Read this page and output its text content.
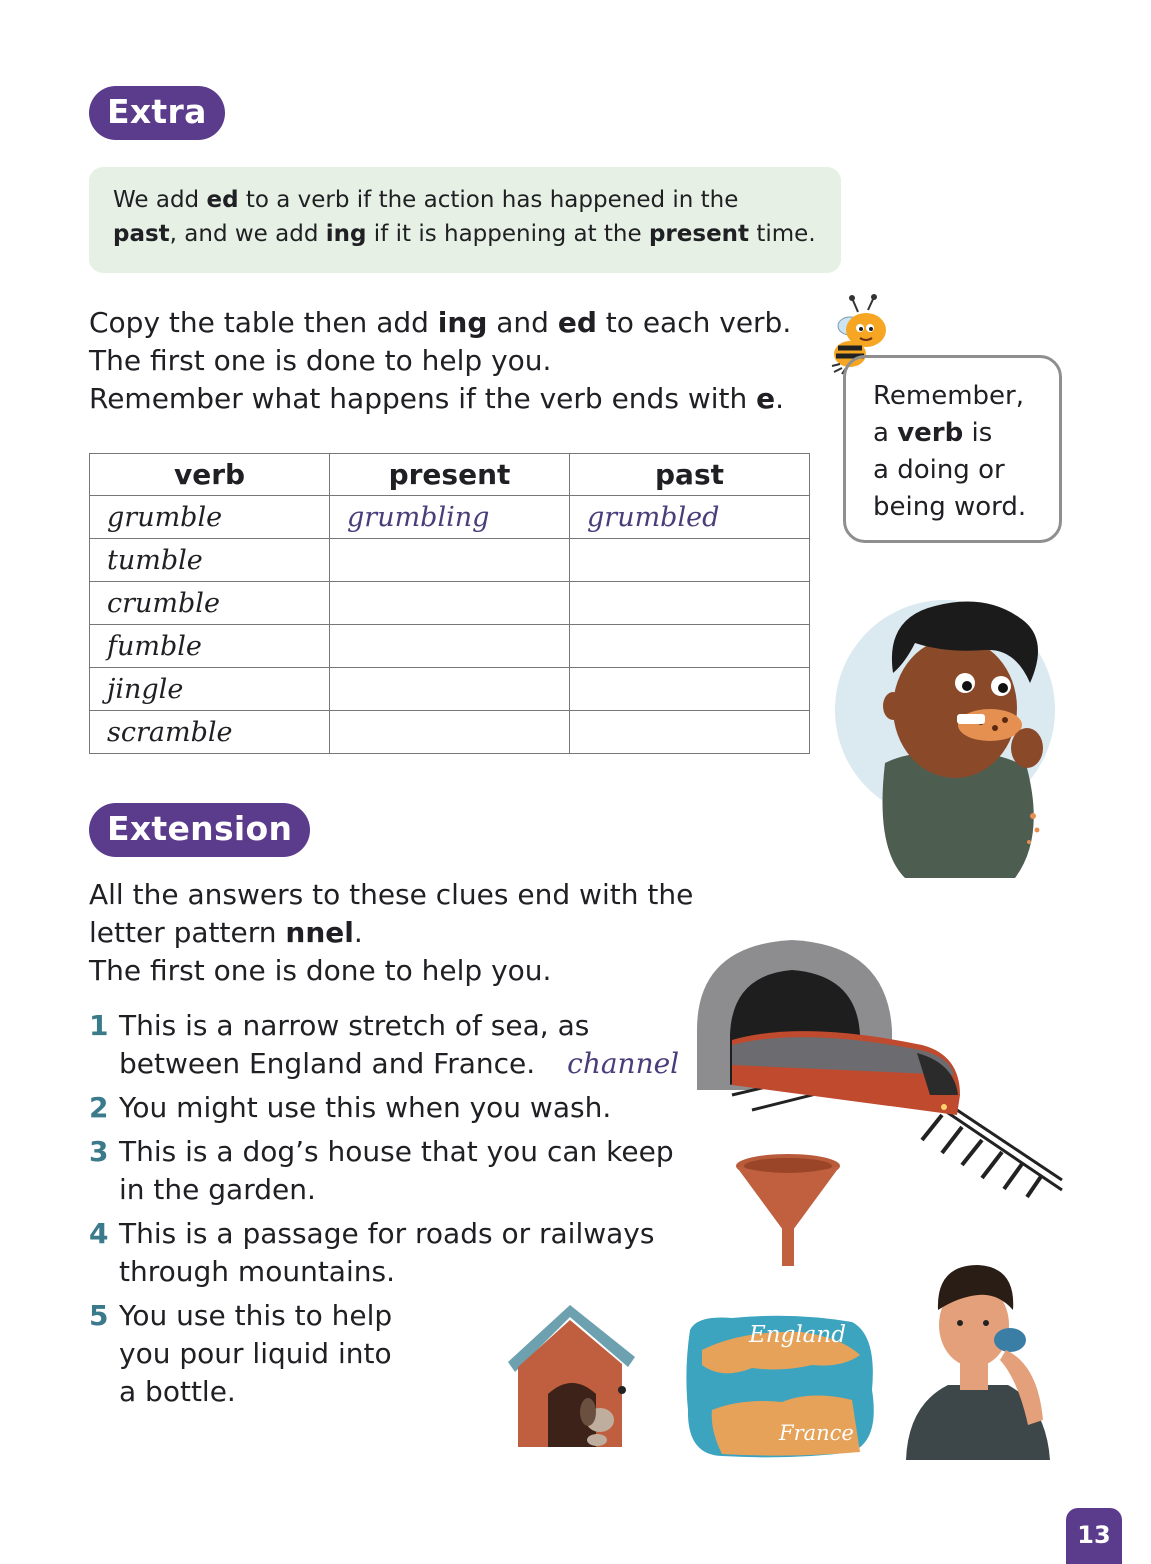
Extra
We add ed to a verb if the action has happened in the
past, and we add ing if it is happening at the present time.
Copy the table then add ing and ed to each verb.
The first one is done to help you.
Remember what happens if the verb ends with e.
verb	present	past
grumble	grumbling	grumbled
tumble		
crumble		
fumble		
jingle		
scramble		
Remember,
a verb is
a doing or
being word.
Extension
All the answers to these clues end with the
letter pattern nnel.
The first one is done to help you.
1 This is a narrow stretch of sea, as
between England and France. channel
2 You might use this when you wash.
3 This is a dog’s house that you can keep
in the garden.
4 This is a passage for roads or railways
through mountains.
5 You use this to help
you pour liquid into
a bottle.
England
France
13
